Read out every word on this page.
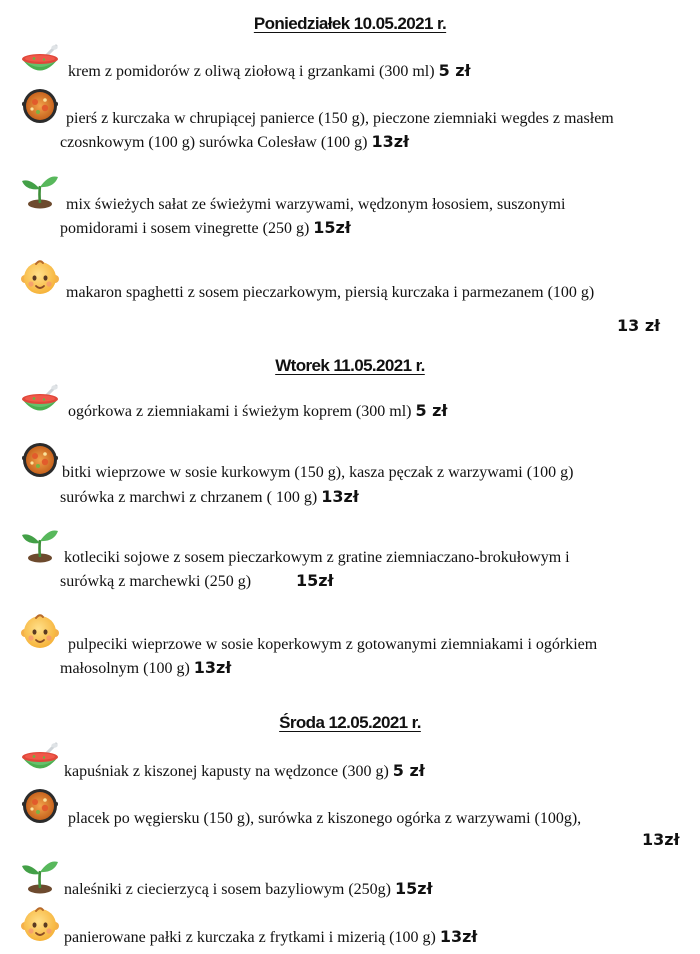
Poniedziałek 10.05.2021 r.
krem z pomidorów z oliwą ziołową i grzankami (300 ml) 5 zł
pierś z kurczaka w chrupiącej panierce (150 g), pieczone ziemniaki wegdes z masłem
czosnkowym (100 g) surówka Colesław (100 g) 13zł
mix świeżych sałat ze świeżymi warzywami, wędzonym łososiem, suszonymi
pomidorami i sosem vinegrette (250 g) 15zł
makaron spaghetti z sosem pieczarkowym, piersią kurczaka i parmezanem (100 g)
13 zł
Wtorek 11.05.2021 r.
ogórkowa z ziemniakami i świeżym koprem (300 ml) 5 zł
bitki wieprzowe w sosie kurkowym (150 g), kasza pęczak z warzywami (100 g)
surówka z marchwi z chrzanem ( 100 g) 13zł
kotleciki sojowe z sosem pieczarkowym z gratine ziemniaczano-brokułowym i
surówką z marchewki (250 g)	15zł
pulpeciki wieprzowe w sosie koperkowym z gotowanymi ziemniakami i ogórkiem
małosolnym (100 g) 13zł
Środa 12.05.2021 r.
kapuśniak z kiszonej kapusty na wędzonce (300 g) 5 zł
placek po węgiersku (150 g), surówka z kiszonego ogórka z warzywami (100g),
13zł
naleśniki z ciecierzycą i sosem bazyliowym (250g) 15zł
panierowane pałki z kurczaka z frytkami i mizerią (100 g) 13zł
